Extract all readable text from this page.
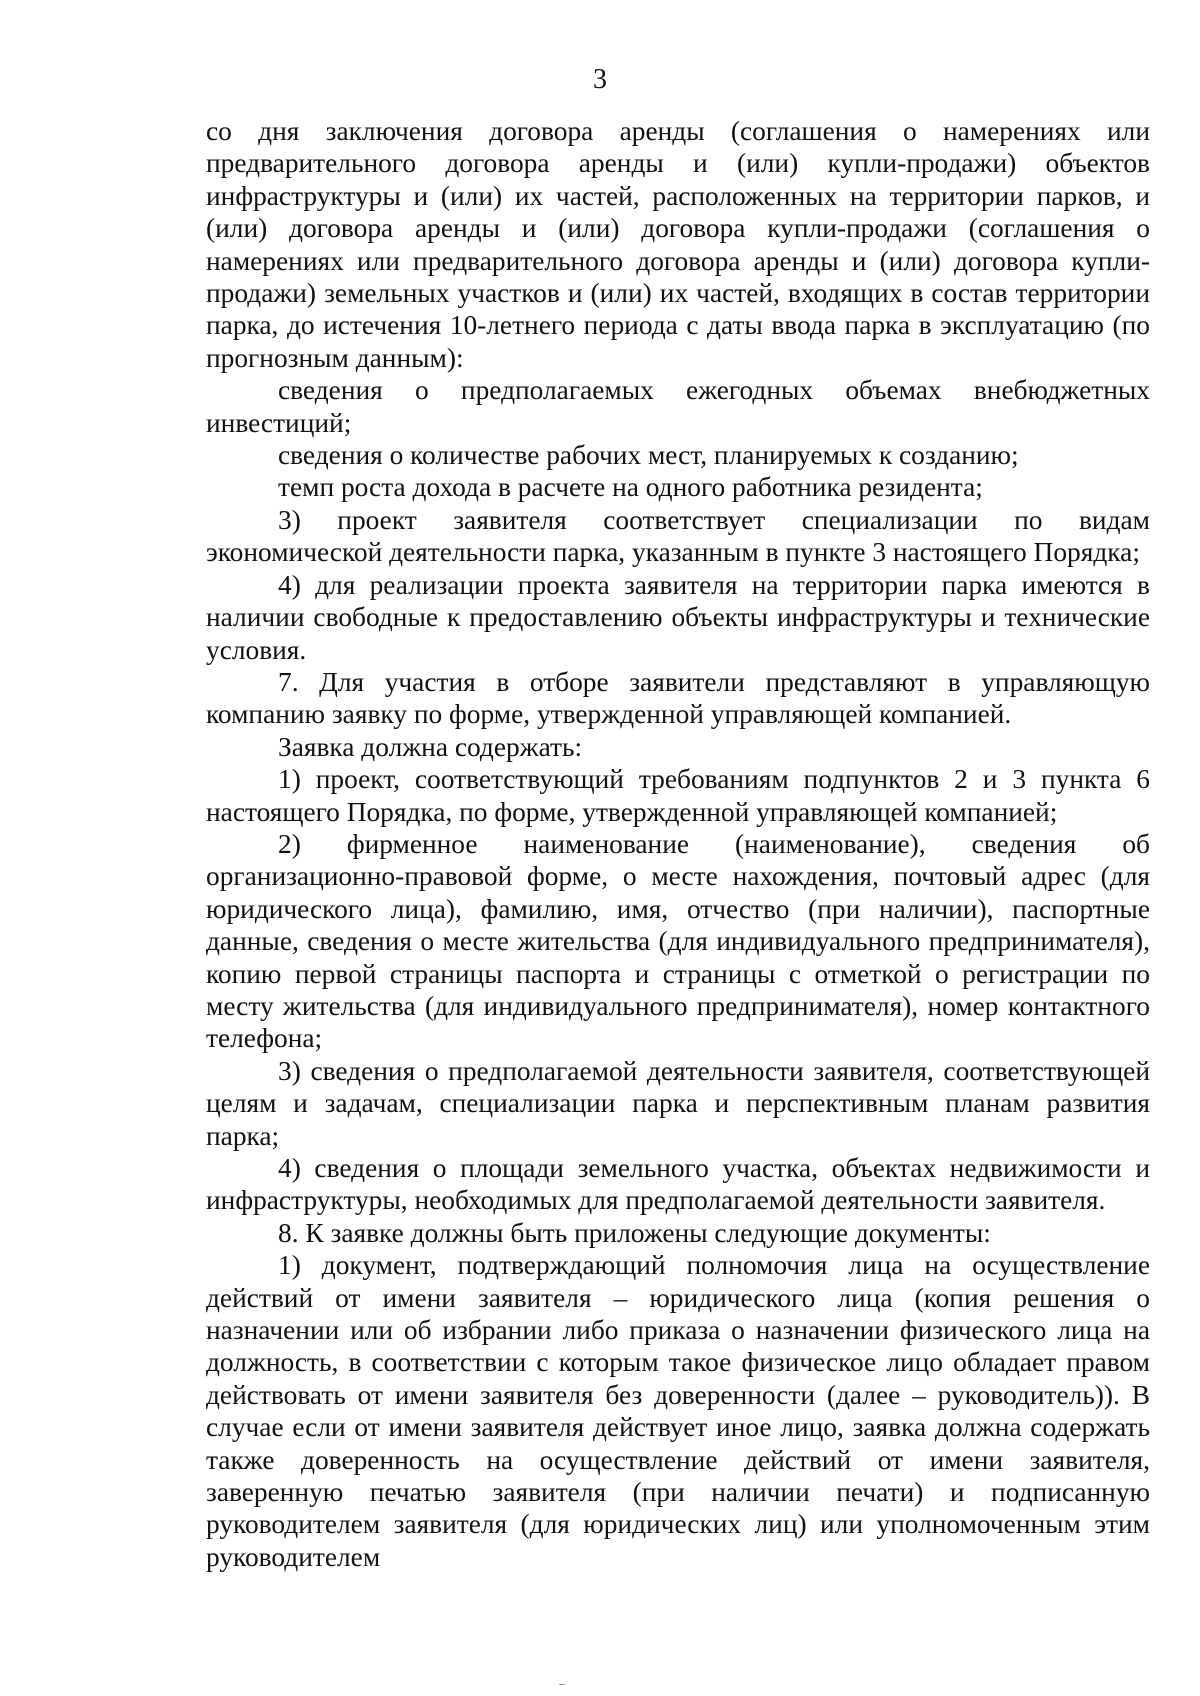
3

со дня заключения договора аренды (соглашения о намерениях или предварительного договора аренды и (или) купли-продажи) объектов инфраструктуры и (или) их частей, расположенных на территории парков, и (или) договора аренды и (или) договора купли-продажи (соглашения о намерениях или предварительного договора аренды и (или) договора купли-продажи) земельных участков и (или) их частей, входящих в состав территории парка, до истечения 10-летнего периода с даты ввода парка в эксплуатацию (по прогнозным данным):

сведения о предполагаемых ежегодных объемах внебюджетных инвестиций;

сведения о количестве рабочих мест, планируемых к созданию;

темп роста дохода в расчете на одного работника резидента;

3) проект заявителя соответствует специализации по видам экономической деятельности парка, указанным в пункте 3 настоящего Порядка;

4) для реализации проекта заявителя на территории парка имеются в наличии свободные к предоставлению объекты инфраструктуры и технические условия.

7. Для участия в отборе заявители представляют в управляющую компанию заявку по форме, утвержденной управляющей компанией.

Заявка должна содержать:

1) проект, соответствующий требованиям подпунктов 2 и 3 пункта 6 настоящего Порядка, по форме, утвержденной управляющей компанией;

2) фирменное наименование (наименование), сведения об организационно-правовой форме, о месте нахождения, почтовый адрес (для юридического лица), фамилию, имя, отчество (при наличии), паспортные данные, сведения о месте жительства (для индивидуального предпринимателя), копию первой страницы паспорта и страницы с отметкой о регистрации по месту жительства (для индивидуального предпринимателя), номер контактного телефона;

3) сведения о предполагаемой деятельности заявителя, соответствующей целям и задачам, специализации парка и перспективным планам развития парка;

4) сведения о площади земельного участка, объектах недвижимости и инфраструктуры, необходимых для предполагаемой деятельности заявителя.

8. К заявке должны быть приложены следующие документы:

1) документ, подтверждающий полномочия лица на осуществление действий от имени заявителя – юридического лица (копия решения о назначении или об избрании либо приказа о назначении физического лица на должность, в соответствии с которым такое физическое лицо обладает правом действовать от имени заявителя без доверенности (далее – руководитель)). В случае если от имени заявителя действует иное лицо, заявка должна содержать также доверенность на осуществление действий от имени заявителя, заверенную печатью заявителя (при наличии печати) и подписанную руководителем заявителя (для юридических лиц) или уполномоченным этим руководителем
